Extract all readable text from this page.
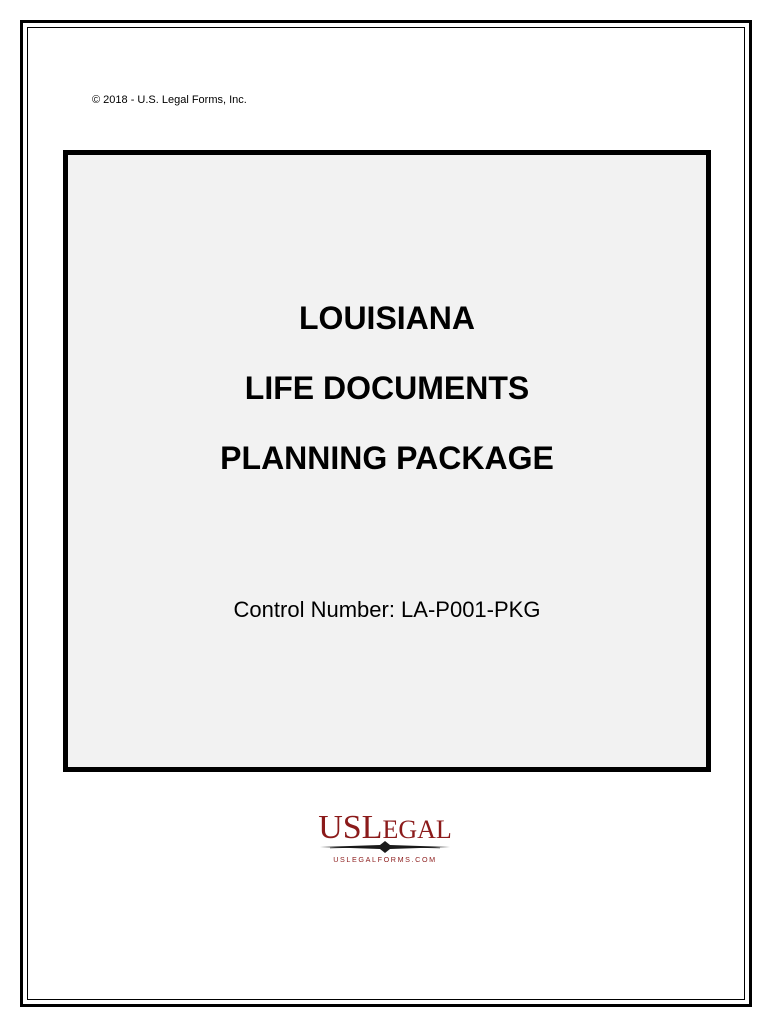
© 2018 - U.S. Legal Forms, Inc.
LOUISIANA
LIFE DOCUMENTS
PLANNING PACKAGE
Control Number: LA-P001-PKG
USLEGAL
USLEGALFORMS.COM
